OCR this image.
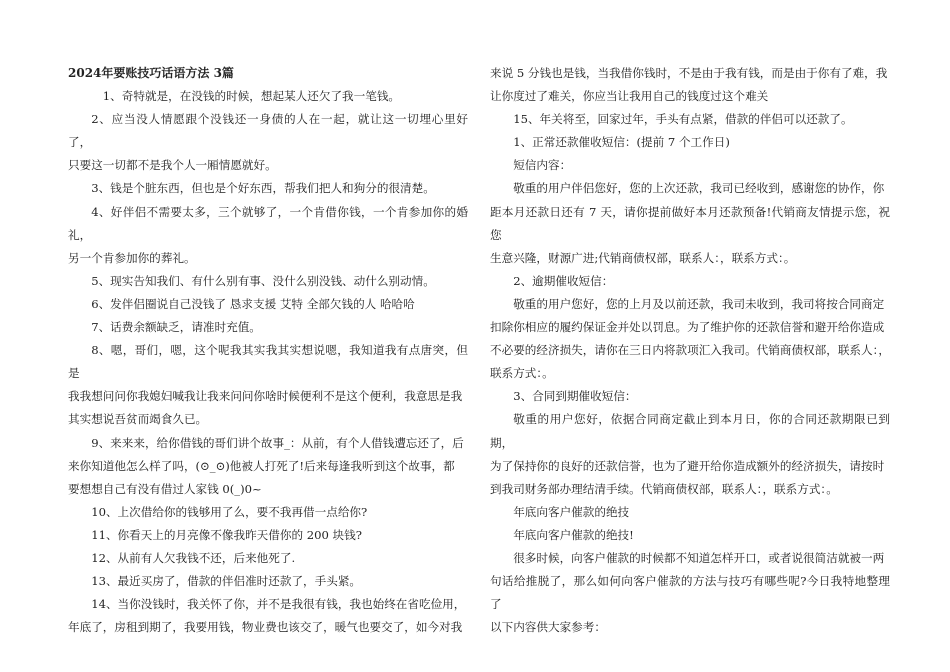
2024年要账技巧话语方法 3篇

1、奇特就是，在没钱的时候，想起某人还欠了我一笔钱。

2、应当没人情愿跟个没钱还一身债的人在一起，就让这一切埋心里好了，

只要这一切都不是我个人一厢情愿就好。

3、钱是个脏东西，但也是个好东西，帮我们把人和狗分的很清楚。

4、好伴侣不需要太多，三个就够了，一个肯借你钱，一个肯参加你的婚礼，

另一个肯参加你的葬礼。

5、现实告知我们、有什么别有事、没什么别没钱、动什么别动情。

6、发伴侣圈说自己没钱了 恳求支援 艾特 全部欠钱的人 哈哈哈

7、话费余额缺乏，请准时充值。

8、嗯，哥们，嗯，这个呢我其实我其实想说嗯，我知道我有点唐突，但是

我我想问问你我媳妇喊我让我来问问你啥时候便利不是这个便利，我意思是我

其实想说吾贫而竭食久已。

9、来来来，给你借钱的哥们讲个故事_：从前，有个人借钱遭忘还了，后

来你知道他怎么样了吗，(⊙_⊙)他被人打死了!后来每逢我听到这个故事，都

要想想自己有没有借过人家钱 0(_)0~

10、上次借给你的钱够用了么，要不我再借一点给你?

11、你看天上的月亮像不像我昨天借你的 200 块钱?

12、从前有人欠我钱不还，后来他死了.

13、最近买房了，借款的伴侣准时还款了，手头紧。

14、当你没钱时，我关怀了你，并不是我很有钱，我也始终在省吃俭用，

年底了，房租到期了，我要用钱，物业费也该交了，暖气也要交了，如今对我

来说 5 分钱也是钱，当我借你钱时，不是由于我有钱，而是由于你有了难，我

让你度过了难关，你应当让我用自己的钱度过这个难关

15、年关将至，回家过年，手头有点紧，借款的伴侣可以还款了。

1、正常还款催收短信：(提前 7 个工作日)

短信内容：

敬重的用户伴侣您好，您的上次还款，我司已经收到，感谢您的协作，你

距本月还款日还有 7 天，请你提前做好本月还款预备!代销商友情提示您，祝您

生意兴隆，财源广进;代销商债权部，联系人：，联系方式：。

2、逾期催收短信：

敬重的用户您好，您的上月及以前还款，我司未收到，我司将按合同商定

扣除你相应的履约保证金并处以罚息。为了维护你的还款信誉和避开给你造成

不必要的经济损失，请你在三日内将款项汇入我司。代销商债权部，联系人：，

联系方式：。

3、合同到期催收短信：

敬重的用户您好，依据合同商定截止到本月日，你的合同还款期限已到期，

为了保持你的良好的还款信誉，也为了避开给你造成额外的经济损失，请按时

到我司财务部办理结清手续。代销商债权部，联系人：，联系方式：。

年底向客户催款的绝技

年底向客户催款的绝技!

很多时候，向客户催款的时候都不知道怎样开口，或者说很简洁就被一两

句话给推脱了，那么如何向客户催款的方法与技巧有哪些呢?今日我特地整理了

以下内容供大家参考：
